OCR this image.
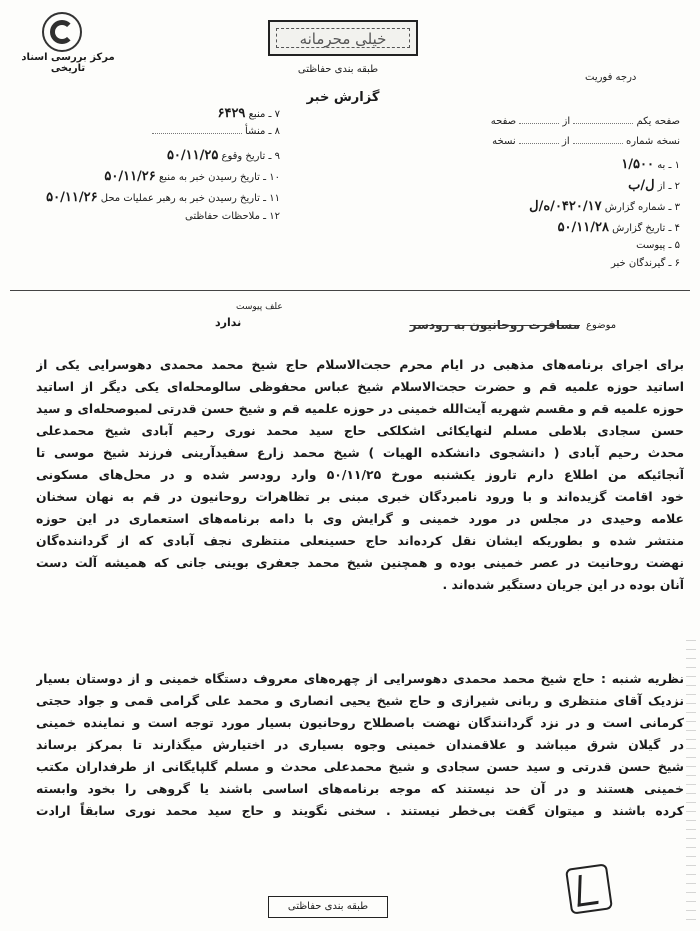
مرکز بررسی اسناد تاریخی
خیلی محرمانه
طبقه بندی حفاظتی
درجه فوریت
گزارش خبر
صفحه یکم  از  صفحه
نسخه شماره  از  نسخه
۱ ـ به ۱/۵۰۰
۲ ـ از ل/ب
۳ ـ شماره گزارش ۰۴۲۰/۱۷/ه/ل
۴ ـ تاریخ گزارش ۵۰/۱۱/۲۸
۵ ـ پیوست
۶ ـ گیرندگان خبر
۷ ـ منبع ۶۴۲۹
۸ ـ منشأ
۹ ـ تاریخ وقوع ۵۰/۱۱/۲۵
۱۰ ـ تاریخ رسیدن خبر به منبع ۵۰/۱۱/۲۶
۱۱ ـ تاریخ رسیدن خبر به رهبر عملیات محل ۵۰/۱۱/۲۶
۱۲ ـ ملاحظات حفاظتی
موضوع
مسافرت روحانیون به رودسر
علف پیوست
ندارد
برای اجرای برنامه‌های مذهبی در ایام محرم حجت‌الاسلام حاج شیخ محمد محمدی دهوسرایی یکی از
اساتید حوزه علمیه قم و حضرت حجت‌الاسلام شیخ عباس محفوظی سالومحله‌ای یکی دیگر از اساتید
حوزه علمیه قم و مقسم شهریه آیت‌الله خمینی در حوزه علمیه قم و شیخ حسن قدرتی لمبوصحله‌ای و سید
حسن سجادی بلاطی مسلم لنهایکائی اشکلکی حاج سید محمد نوری رحیم آبادی شیخ محمدعلی
محدث رحیم آبادی ( دانشجوی دانشکده الهیات ) شیخ محمد زارع سفیدآرینی فرزند شیخ موسی تا
آنجائیکه من اطلاع دارم تاروز یکشنبه مورخ ۵۰/۱۱/۲۵ وارد رودسر شده و در محل‌های مسکونی
خود اقامت گزیده‌اند و با ورود نامبردگان خبری مبنی بر تظاهرات روحانیون در قم به نهان سخنان
علامه وحیدی در مجلس در مورد خمینی و گرایش وی با دامه برنامه‌های استعماری در این حوزه
منتشر شده و بطوریکه ایشان نقل کرده‌اند حاج حسینعلی منتظری نجف آبادی که از گرداننده‌گان
نهضت روحانیت در عصر خمینی بوده و همچنین شیخ محمد جعفری بوینی جانی که همیشه آلت دست
آنان بوده در این جریان دستگیر شده‌اند .
نظریه شنبه : حاج شیخ محمد محمدی دهوسرایی از چهره‌های معروف دستگاه خمینی و از دوستان بسیار
نزدیک آقای منتظری و ربانی شیرازی و حاج شیخ یحیی انصاری و محمد علی گرامی قمی و جواد حجتی
کرمانی است و در نزد گردانندگان نهضت باصطلاح روحانیون بسیار مورد توجه است و نماینده خمینی
در گیلان شرق میباشد و علاقمندان خمینی وجوه بسیاری در اختیارش میگذارند تا بمرکز برساند
شیخ حسن قدرتی و سید حسن سجادی و شیخ محمدعلی محدث و مسلم گلپایگانی از طرفداران مکتب
خمینی هستند و در آن حد نیستند که موجه برنامه‌های اساسی باشند یا گروهی را بخود وابسته
کرده باشند و میتوان گفت بی‌خطر نیستند . سخنی نگویند و حاج سید محمد نوری سابقاً ارادت
طبقه بندی حفاظتی
